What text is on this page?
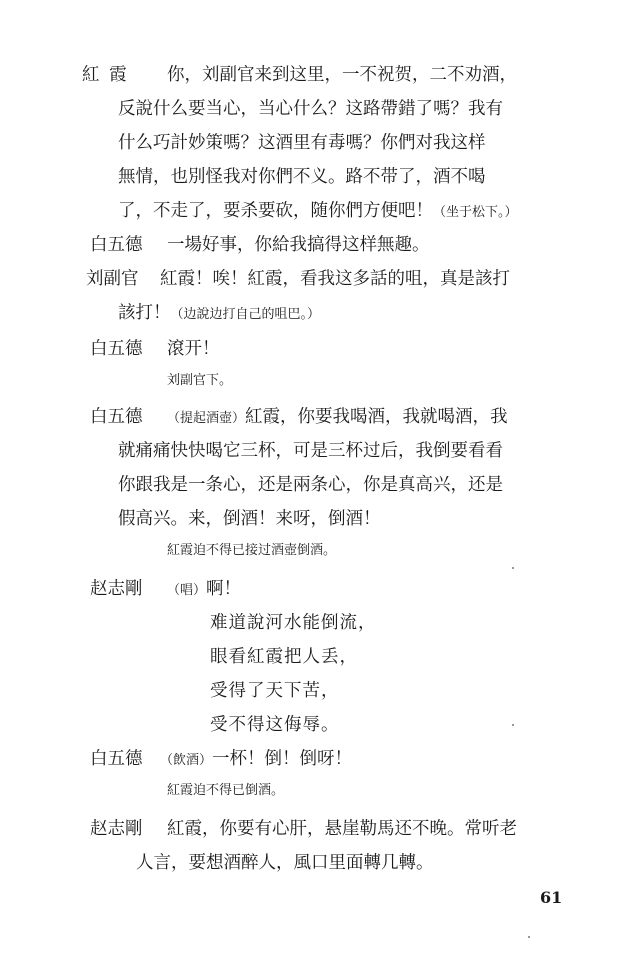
紅 霞 你，刘副官来到这里，一不祝贺，二不劝酒，
反說什么要当心，当心什么？这路帶錯了嗎？我有
什么巧計妙策嗎？这酒里有毒嗎？你們对我这样
無情，也別怪我对你們不义。路不带了，酒不喝
了，不走了，要杀要砍，随你們方便吧！（坐于松下。）
白五德 一場好事，你給我搞得这样無趣。
刘副官 紅霞！唉！紅霞，看我这多話的咀，真是該打
該打！（边說边打自己的咀巴。）
白五德 滾开！
刘副官下。
白五德 （提起酒壺）紅霞，你要我喝酒，我就喝酒，我
就痛痛快快喝它三杯，可是三杯过后，我倒要看看
你跟我是一条心，还是兩条心，你是真高兴，还是
假高兴。来，倒酒！来呀，倒酒！
紅霞迫不得已接过酒壺倒酒。
赵志剛 （唱）啊！
难道說河水能倒流，
眼看紅霞把人丢，
受得了天下苦，
受不得这侮辱。
白五德 （飲酒）一杯！倒！倒呀！
紅霞迫不得已倒酒。
赵志剛 紅霞，你要有心肝，悬崖勒馬还不晚。常听老
人言，要想酒醉人，風口里面轉几轉。
61
